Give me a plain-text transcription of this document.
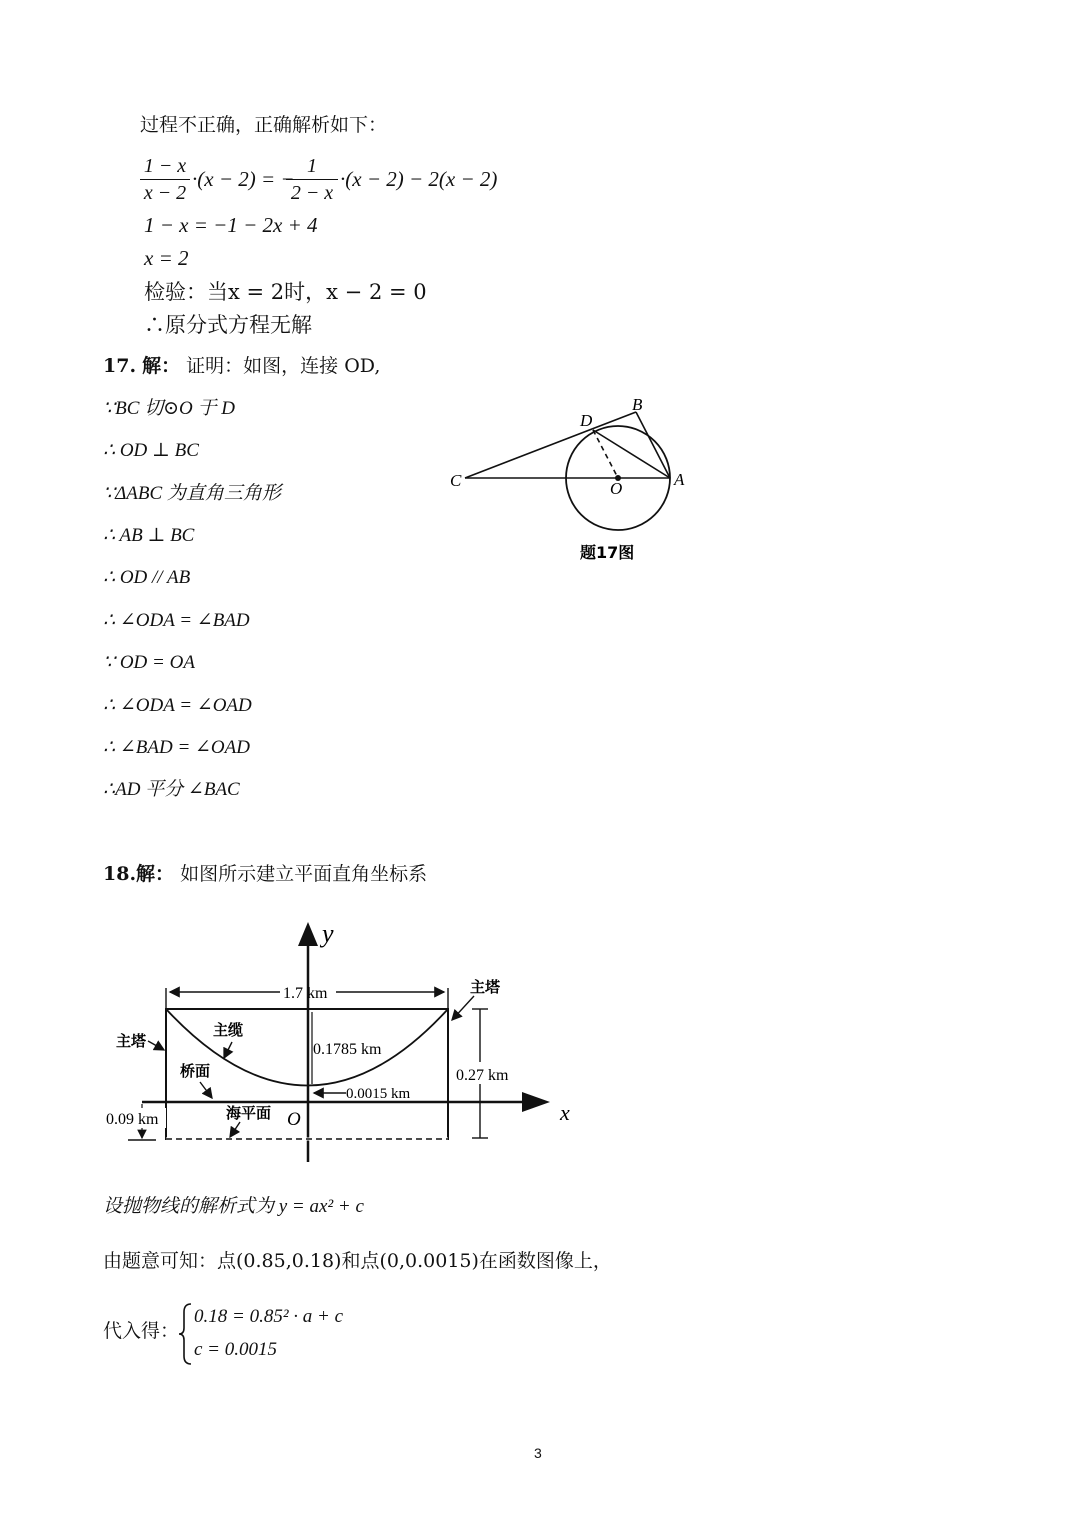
过程不正确，正确解析如下：
$\frac{1 - x}{x - 2} \cdot(x - 2)$ = −
$\frac{1}{2 - x} \cdot(x - 2) - 2(x - 2)$
1 − x = −1 − 2x + 4
x = 2
检验：当x = 2时，x − 2 = 0
∴原分式方程无解
17. 解： 证明：如图，连接 OD,
∵BC 切⊙O 于 D
∴ OD ⊥ BC
∵ΔABC 为直角三角形
∴ AB ⊥ BC
∴ OD // AB
∴ ∠ODA = ∠BAD
∵ OD = OA
∴ ∠ODA = ∠OAD
∴ ∠BAD = ∠OAD
∴AD 平分 ∠BAC
B
D
C	A
O
题17图
18.解： 如图所示建立平面直角坐标系
y
x
O
1.7 km
0.27 km
0.1785 km
0.0015 km
0.09 km
主塔
主塔
主缆
桥面
海平面
设抛物线的解析式为 y = ax² + c
由题意可知：点(0.85,0.18)和点(0,0.0015)在函数图像上，
代入得：
0.18 = 0.85² · a + c
c = 0.0015
3
